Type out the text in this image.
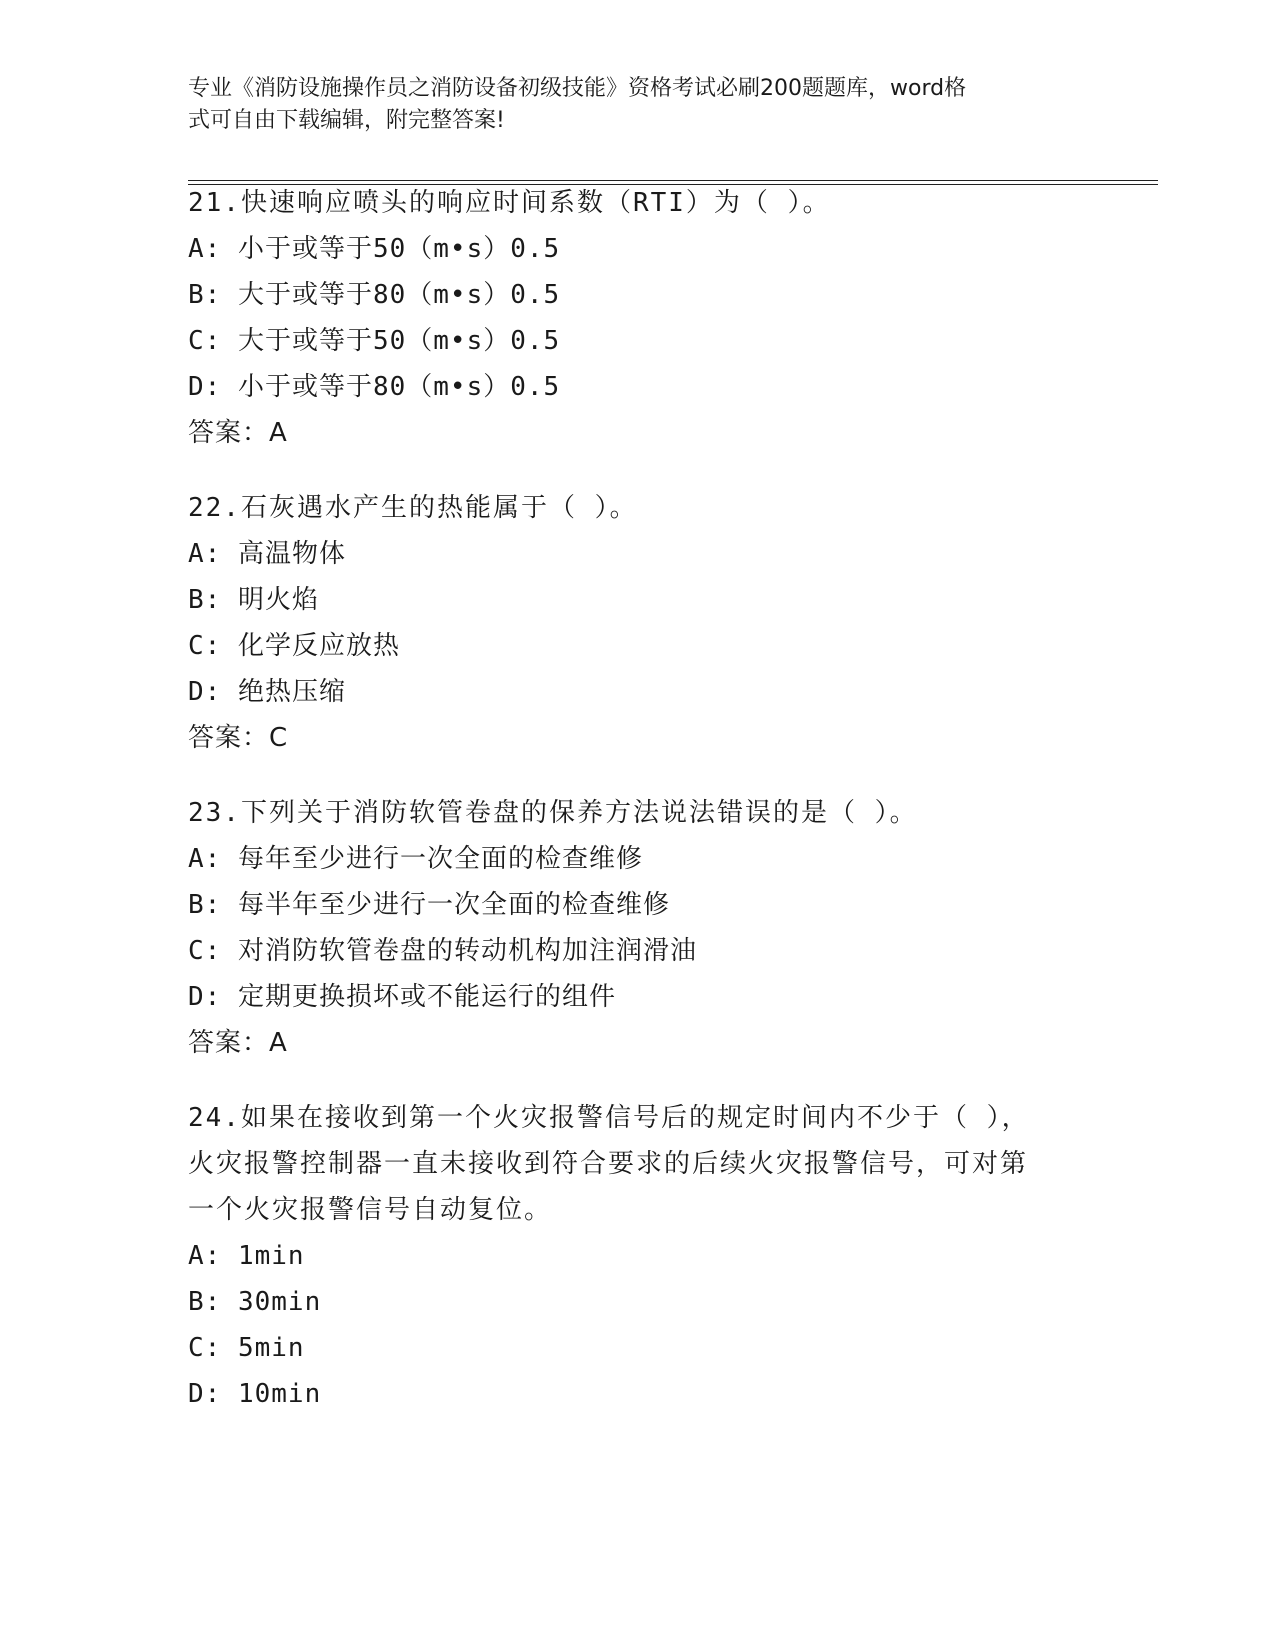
专业《消防设施操作员之消防设备初级技能》资格考试必刷200题题库，word格
式可自由下载编辑，附完整答案!
21.快速响应喷头的响应时间系数（RTI）为（ ）。
A: 小于或等于50（m•s）0.5
B: 大于或等于80（m•s）0.5
C: 大于或等于50（m•s）0.5
D: 小于或等于80（m•s）0.5
答案：A
22.石灰遇水产生的热能属于（ ）。
A: 高温物体
B: 明火焰
C: 化学反应放热
D: 绝热压缩
答案：C
23.下列关于消防软管卷盘的保养方法说法错误的是（ ）。
A: 每年至少进行一次全面的检查维修
B: 每半年至少进行一次全面的检查维修
C: 对消防软管卷盘的转动机构加注润滑油
D: 定期更换损坏或不能运行的组件
答案：A
24.如果在接收到第一个火灾报警信号后的规定时间内不少于（ ），
火灾报警控制器一直未接收到符合要求的后续火灾报警信号，可对第
一个火灾报警信号自动复位。
A: 1min
B: 30min
C: 5min
D: 10min
